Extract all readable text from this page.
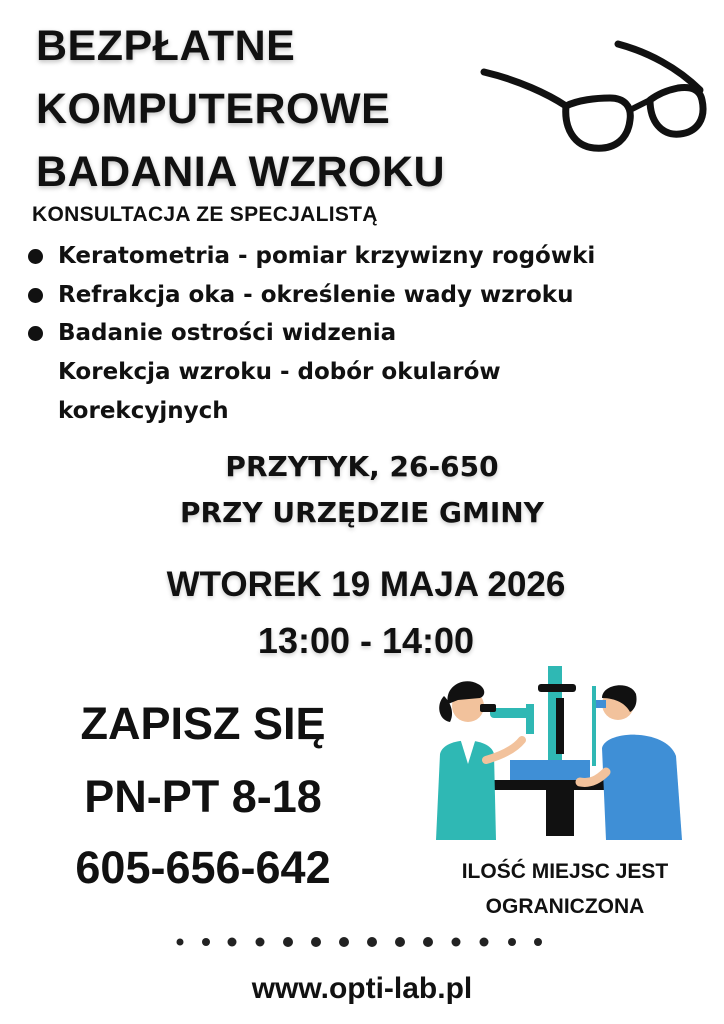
BEZPŁATNE
KOMPUTEROWE
BADANIA WZROKU
KONSULTACJA ZE SPECJALISTĄ
Keratometria - pomiar krzywizny rogówki
Refrakcja oka - określenie wady wzroku
Badanie ostrości widzenia
Korekcja wzroku - dobór okularów
korekcyjnych
PRZYTYK, 26-650
PRZY URZĘDZIE GMINY
WTOREK 19 MAJA 2026
13:00 - 14:00
ZAPISZ SIĘ
PN-PT 8-18
605-656-642	ILOŚĆ MIEJSC JEST
OGRANICZONA
www.opti-lab.pl
